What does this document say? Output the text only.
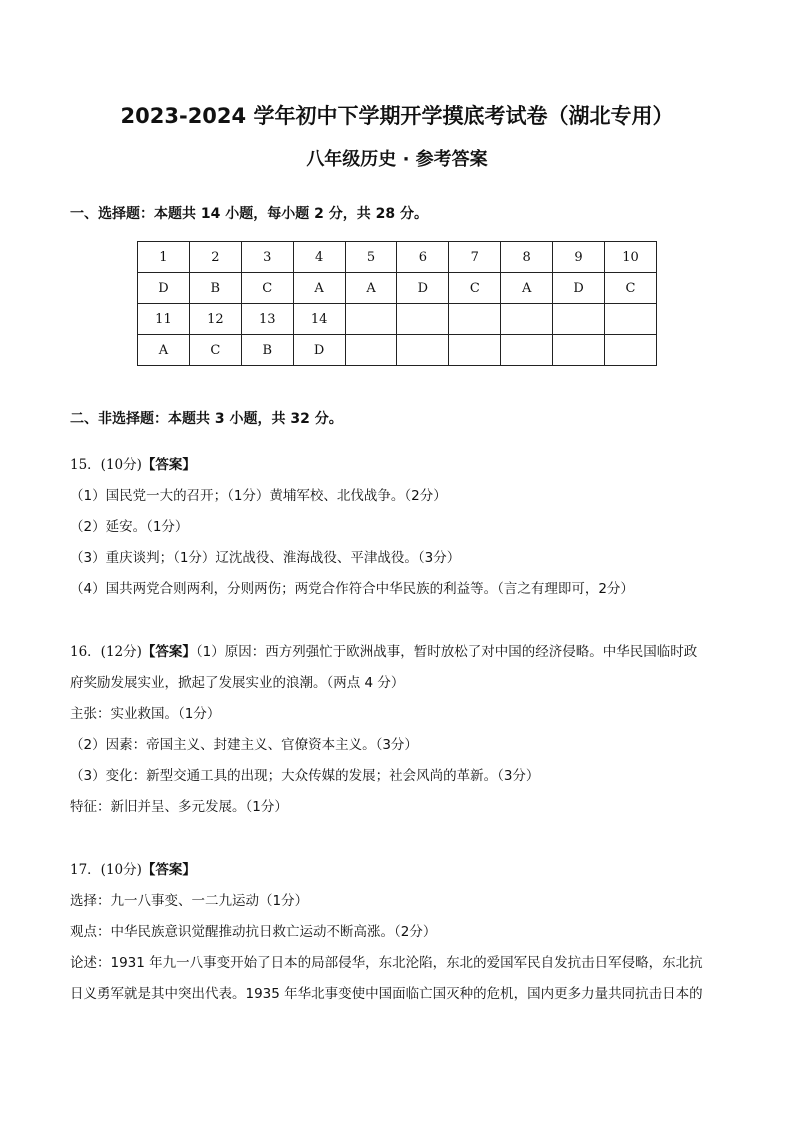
2023-2024 学年初中下学期开学摸底考试卷（湖北专用）
八年级历史 · 参考答案
一、选择题：本题共 14 小题，每小题 2 分，共 28 分。
1	2	3	4	5	6	7	8	9	10
D	B	C	A	A	D	C	A	D	C
11	12	13	14						
A	C	B	D						
二、非选择题：本题共 3 小题，共 32 分。
15．(10分)【答案】
（1）国民党一大的召开；（1分）黄埔军校、北伐战争。（2分）
（2）延安。（1分）
（3）重庆谈判；（1分）辽沈战役、淮海战役、平津战役。（3分）
（4）国共两党合则两利，分则两伤；两党合作符合中华民族的利益等。（言之有理即可，2分）
16．(12分)【答案】（1）原因：西方列强忙于欧洲战事，暂时放松了对中国的经济侵略。中华民国临时政
府奖励发展实业，掀起了发展实业的浪潮。（两点 4 分）
主张：实业救国。（1分）
（2）因素：帝国主义、封建主义、官僚资本主义。（3分）
（3）变化：新型交通工具的出现；大众传媒的发展；社会风尚的革新。（3分）
特征：新旧并呈、多元发展。（1分）
17．(10分)【答案】
选择：九一八事变、一二九运动（1分）
观点：中华民族意识觉醒推动抗日救亡运动不断高涨。（2分）
论述：1931 年九一八事变开始了日本的局部侵华，东北沦陷，东北的爱国军民自发抗击日军侵略，东北抗
日义勇军就是其中突出代表。1935 年华北事变使中国面临亡国灭种的危机，国内更多力量共同抗击日本的
